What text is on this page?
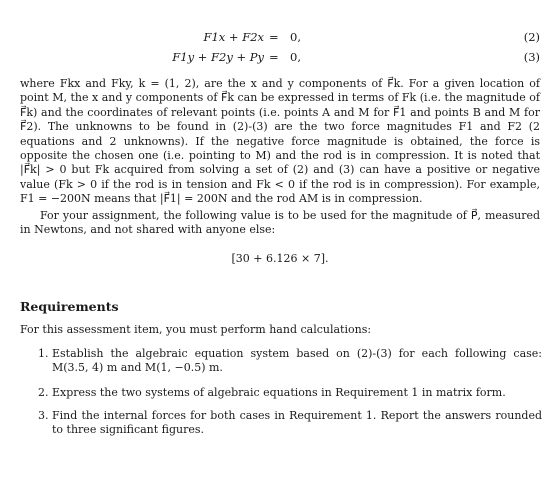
F1x + F2x = 0,	(2)
F1y + F2y + Py = 0,	(3)

where Fkx and Fky, k = (1, 2), are the x and y components of F⃗k. For a given location of point M, the x and y components of F⃗k can be expressed in terms of Fk (i.e. the magnitude of F⃗k) and the coordinates of relevant points (i.e. points A and M for F⃗1 and points B and M for F⃗2). The unknowns to be found in (2)-(3) are the two force magnitudes F1 and F2 (2 equations and 2 unknowns). If the negative force magnitude is obtained, the force is opposite the chosen one (i.e. pointing to M) and the rod is in compression. It is noted that |F⃗k| > 0 but Fk acquired from solving a set of (2) and (3) can have a positive or negative value (Fk > 0 if the rod is in tension and Fk < 0 if the rod is in compression). For example, F1 = −200N means that |F⃗1| = 200N and the rod AM is in compression.

For your assignment, the following value is to be used for the magnitude of P⃗, measured in Newtons, and not shared with anyone else:

[30 + 6.126 × 7].
Requirements

For this assessment item, you must perform hand calculations:

1. Establish the algebraic equation system based on (2)-(3) for each following case: M(3.5, 4) m and M(1, −0.5) m.
2. Express the two systems of algebraic equations in Requirement 1 in matrix form.
3. Find the internal forces for both cases in Requirement 1. Report the answers rounded to three significant figures.
